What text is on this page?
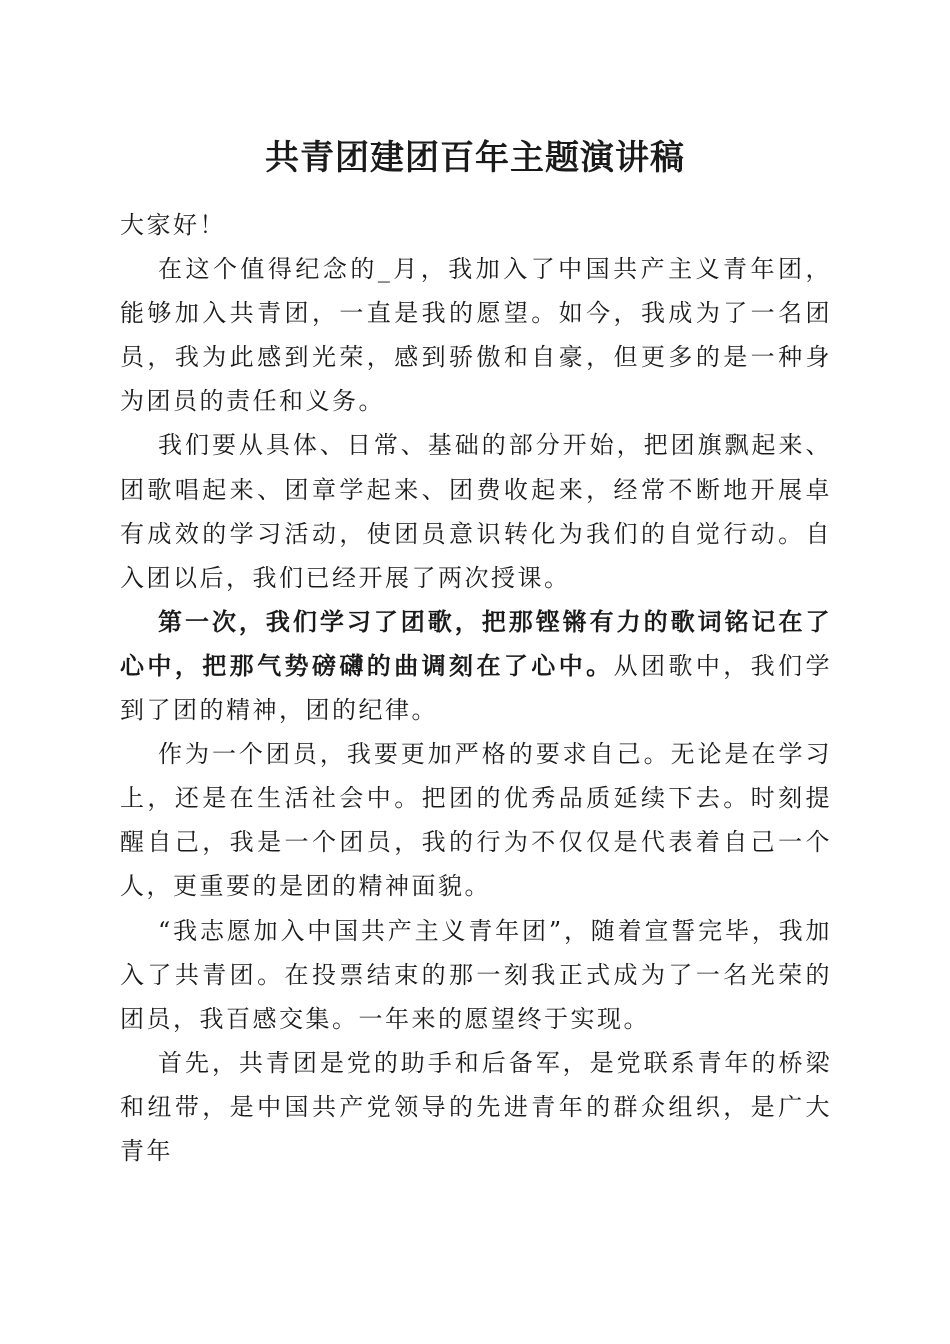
共青团建团百年主题演讲稿

大家好！

在这个值得纪念的_月，我加入了中国共产主义青年团，能够加入共青团，一直是我的愿望。如今，我成为了一名团员，我为此感到光荣，感到骄傲和自豪，但更多的是一种身为团员的责任和义务。

我们要从具体、日常、基础的部分开始，把团旗飘起来、团歌唱起来、团章学起来、团费收起来，经常不断地开展卓有成效的学习活动，使团员意识转化为我们的自觉行动。自入团以后，我们已经开展了两次授课。

第一次，我们学习了团歌，把那铿锵有力的歌词铭记在了心中，把那气势磅礴的曲调刻在了心中。从团歌中，我们学到了团的精神，团的纪律。

作为一个团员，我要更加严格的要求自己。无论是在学习上，还是在生活社会中。把团的优秀品质延续下去。时刻提醒自己，我是一个团员，我的行为不仅仅是代表着自己一个人，更重要的是团的精神面貌。

“我志愿加入中国共产主义青年团”，随着宣誓完毕，我加入了共青团。在投票结束的那一刻我正式成为了一名光荣的团员，我百感交集。一年来的愿望终于实现。

首先，共青团是党的助手和后备军，是党联系青年的桥梁和纽带，是中国共产党领导的先进青年的群众组织，是广大青年
